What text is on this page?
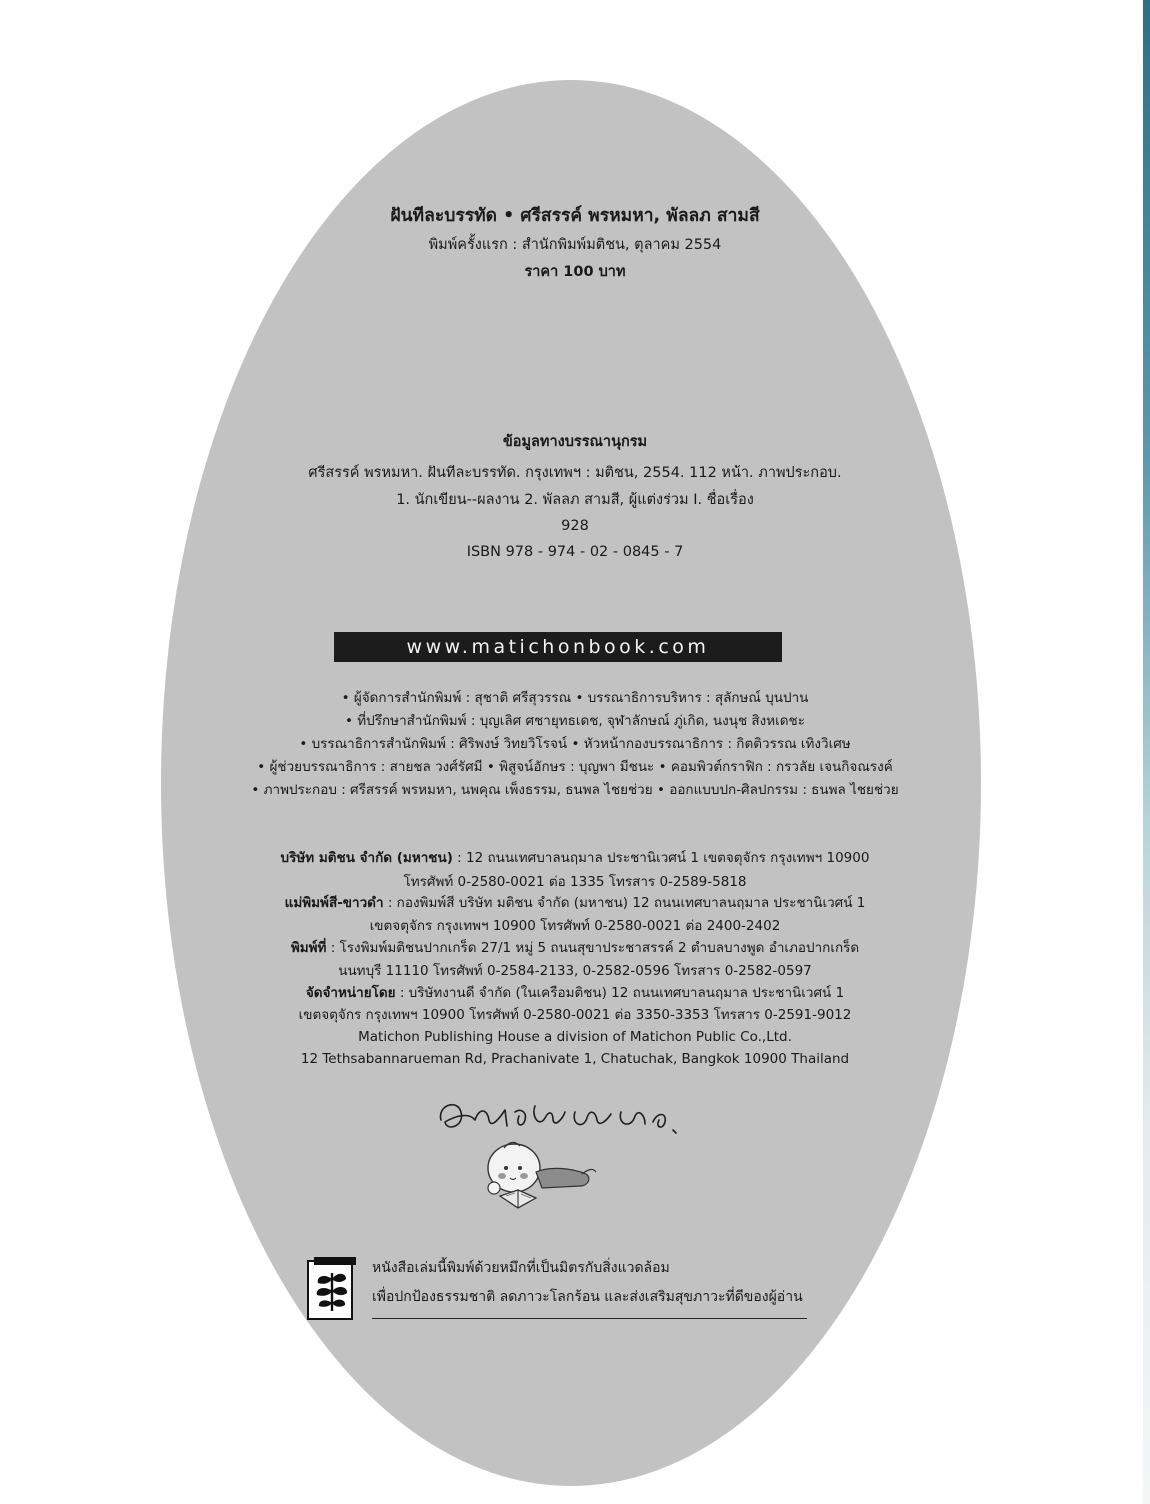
ฝันทีละบรรทัด • ศรีสรรค์ พรหมหา, พัลลภ สามสี
พิมพ์ครั้งแรก : สำนักพิมพ์มติชน, ตุลาคม 2554
ราคา 100 บาท
ข้อมูลทางบรรณานุกรม
ศรีสรรค์ พรหมหา. ฝันทีละบรรทัด. กรุงเทพฯ : มติชน, 2554. 112 หน้า. ภาพประกอบ.
1. นักเขียน--ผลงาน 2. พัลลภ สามสี, ผู้แต่งร่วม I. ชื่อเรื่อง
928
ISBN 978 - 974 - 02 - 0845 - 7
www.matichonbook.com
• ผู้จัดการสำนักพิมพ์ : สุชาติ ศรีสุวรรณ • บรรณาธิการบริหาร : สุลักษณ์ บุนปาน
• ที่ปรึกษาสำนักพิมพ์ : บุญเลิศ ศชายุทธเดช, จุฬาลักษณ์ ภู่เกิด, นงนุช สิงหเดชะ
• บรรณาธิการสำนักพิมพ์ : ศิริพงษ์ วิทยวิโรจน์ • หัวหน้ากองบรรณาธิการ : กิตติวรรณ เทิงวิเศษ
• ผู้ช่วยบรรณาธิการ : สายชล วงศ์รัศมี • พิสูจน์อักษร : บุญพา มีชนะ • คอมพิวต์กราฟิก : กรวลัย เจนกิจณรงค์
• ภาพประกอบ : ศรีสรรค์ พรหมหา, นพคุณ เพ็งธรรม, ธนพล ไชยช่วย • ออกแบบปก-ศิลปกรรม : ธนพล ไชยช่วย
บริษัท มติชน จำกัด (มหาชน) : 12 ถนนเทศบาลนฤมาล ประชานิเวศน์ 1 เขตจตุจักร กรุงเทพฯ 10900
โทรศัพท์ 0-2580-0021 ต่อ 1335 โทรสาร 0-2589-5818
แม่พิมพ์สี-ขาวดำ : กองพิมพ์สี บริษัท มติชน จำกัด (มหาชน) 12 ถนนเทศบาลนฤมาล ประชานิเวศน์ 1
เขตจตุจักร กรุงเทพฯ 10900 โทรศัพท์ 0-2580-0021 ต่อ 2400-2402
พิมพ์ที่ : โรงพิมพ์มติชนปากเกร็ด 27/1 หมู่ 5 ถนนสุขาประชาสรรค์ 2 ตำบลบางพูด อำเภอปากเกร็ด
นนทบุรี 11110 โทรศัพท์ 0-2584-2133, 0-2582-0596 โทรสาร 0-2582-0597
จัดจำหน่ายโดย : บริษัทงานดี จำกัด (ในเครือมติชน) 12 ถนนเทศบาลนฤมาล ประชานิเวศน์ 1
เขตจตุจักร กรุงเทพฯ 10900 โทรศัพท์ 0-2580-0021 ต่อ 3350-3353 โทรสาร 0-2591-9012
Matichon Publishing House a division of Matichon Public Co.,Ltd.
12 Tethsabannarueman Rd, Prachanivate 1, Chatuchak, Bangkok 10900 Thailand
หนังสือเล่มนี้พิมพ์ด้วยหมึกที่เป็นมิตรกับสิ่งแวดล้อม
เพื่อปกป้องธรรมชาติ ลดภาวะโลกร้อน และส่งเสริมสุขภาวะที่ดีของผู้อ่าน
